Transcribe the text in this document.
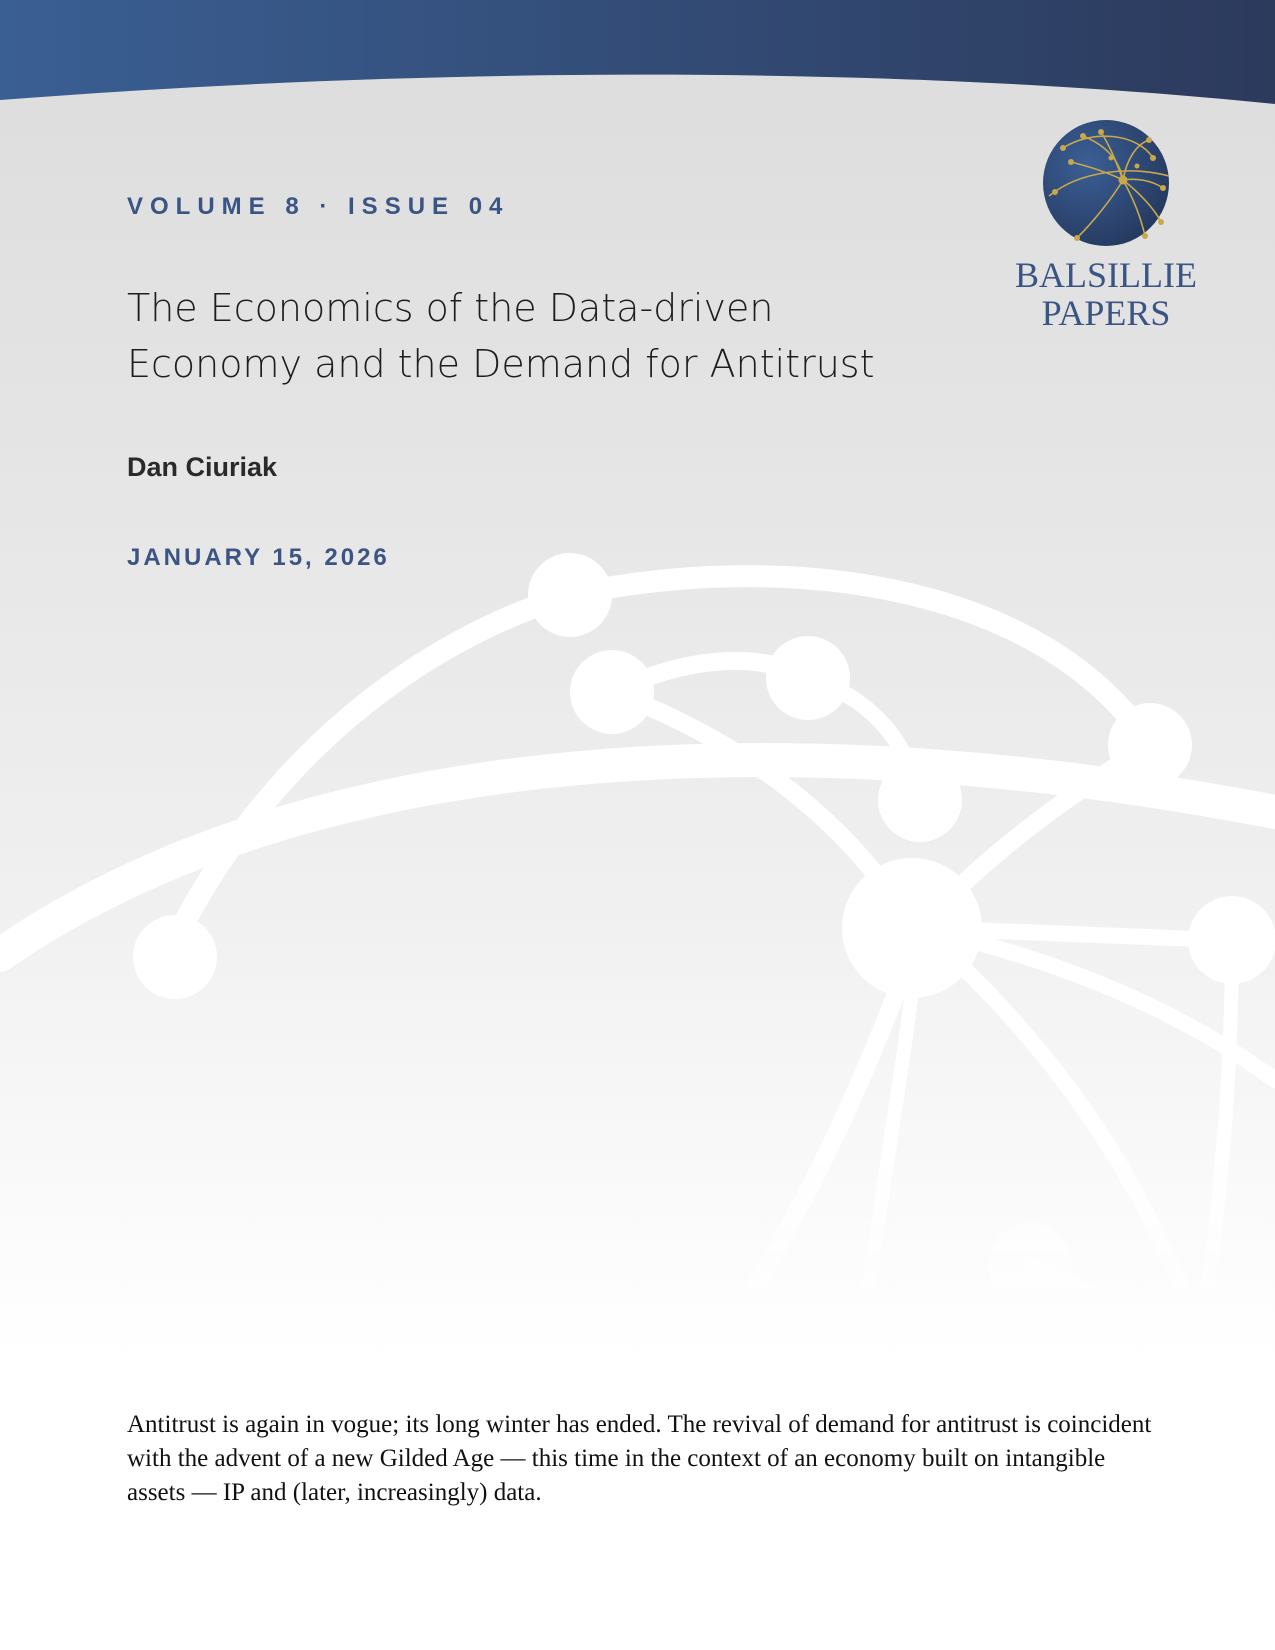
VOLUME 8 · ISSUE 04

The Economics of the Data-driven Economy and the Demand for Antitrust

Dan Ciuriak

JANUARY 15, 2026

BALSILLIE
PAPERS

Antitrust is again in vogue; its long winter has ended. The revival of demand for antitrust is coincident with the advent of a new Gilded Age — this time in the context of an economy built on intangible assets — IP and (later, increasingly) data.
